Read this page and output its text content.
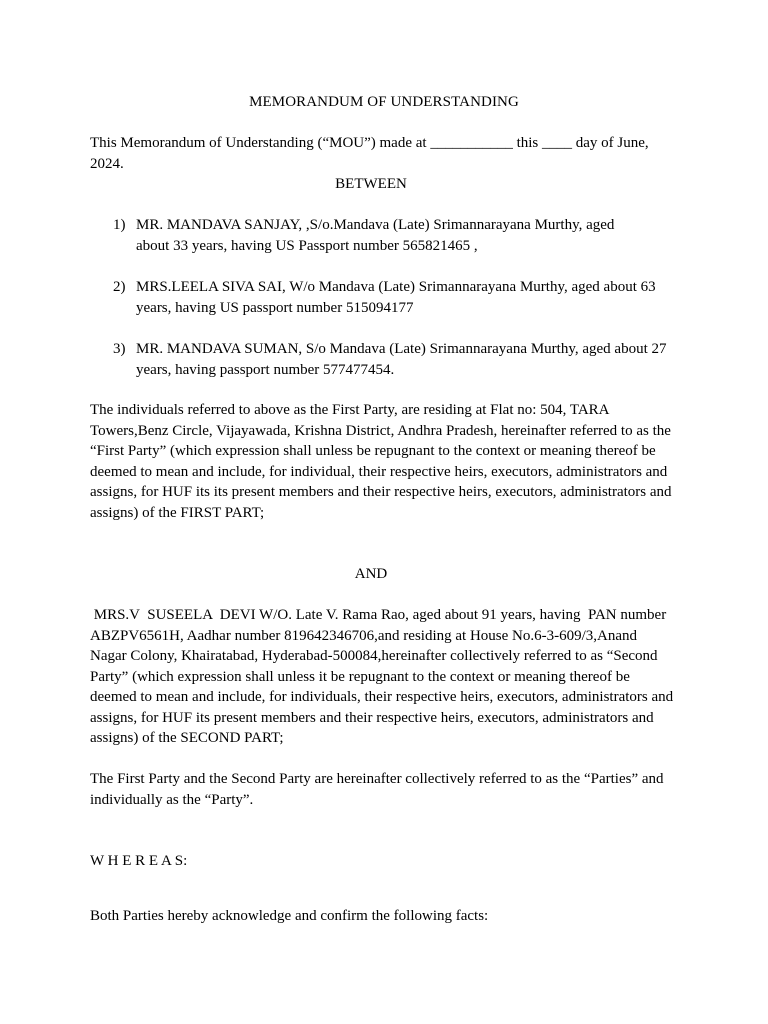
MEMORANDUM OF UNDERSTANDING
This Memorandum of Understanding (“MOU”) made at ___________ this ____ day of June,
2024.
BETWEEN
1) MR. MANDAVA SANJAY, ,S/o.Mandava (Late) Srimannarayana Murthy, aged
about 33 years, having US Passport number 565821465 ,
2) MRS.LEELA SIVA SAI, W/o Mandava (Late) Srimannarayana Murthy, aged about 63
years, having US passport number 515094177
3) MR. MANDAVA SUMAN, S/o Mandava (Late) Srimannarayana Murthy, aged about 27
years, having passport number 577477454.
The individuals referred to above as the First Party, are residing at Flat no: 504, TARA
Towers,Benz Circle, Vijayawada, Krishna District, Andhra Pradesh, hereinafter referred to as the
“First Party” (which expression shall unless be repugnant to the context or meaning thereof be
deemed to mean and include, for individual, their respective heirs, executors, administrators and
assigns, for HUF its its present members and their respective heirs, executors, administrators and
assigns) of the FIRST PART;
AND
MRS.V  SUSEELA  DEVI W/O. Late V. Rama Rao, aged about 91 years, having  PAN number
ABZPV6561H, Aadhar number 819642346706,and residing at House No.6-3-609/3,Anand
Nagar Colony, Khairatabad, Hyderabad-500084,hereinafter collectively referred to as “Second
Party” (which expression shall unless it be repugnant to the context or meaning thereof be
deemed to mean and include, for individuals, their respective heirs, executors, administrators and
assigns, for HUF its present members and their respective heirs, executors, administrators and
assigns) of the SECOND PART;
The First Party and the Second Party are hereinafter collectively referred to as the “Parties” and
individually as the “Party”.
W H E R E A S:
Both Parties hereby acknowledge and confirm the following facts:
